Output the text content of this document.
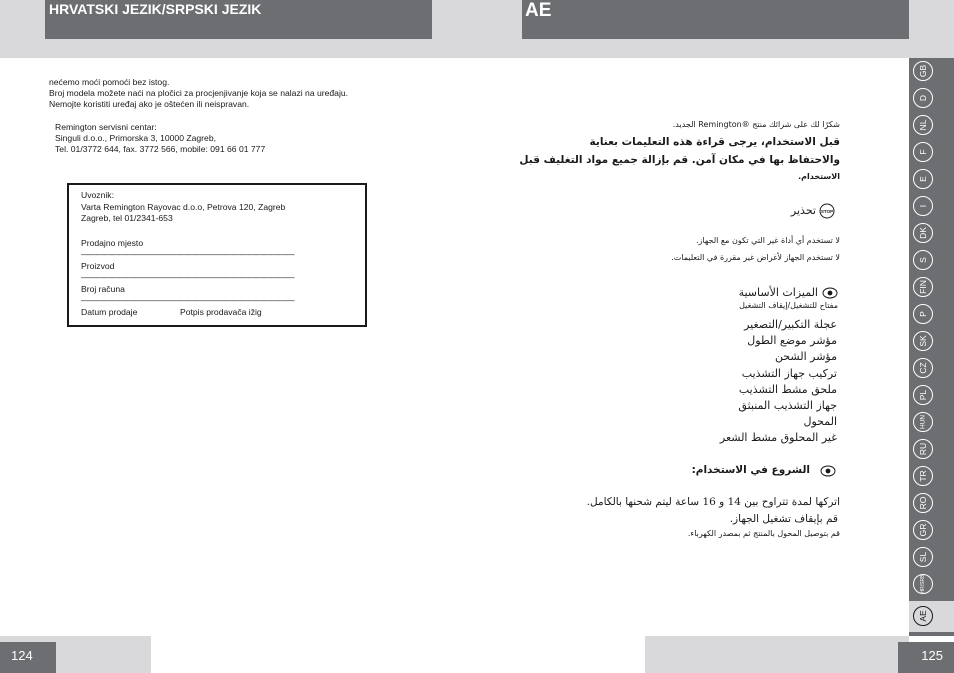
HRVATSKI JEZIK/SRPSKI JEZIK	AE
nećemo moći pomoći bez istog.
Broj modela možete naći na pločici za procjenjivanje koja se nalazi na uređaju.
Nemojte koristiti uređaj ako je oštećen ili neispravan.
Remington servisni centar:
Singuli d.o.o., Primorska 3, 10000 Zagreb,
Tel. 01/3772 644, fax. 3772 566, mobile: 091 66 01 777
Uvoznik:
Varta Remington Rayovac d.o.o, Petrova 120, Zagreb
Zagreb, tel 01/2341-653
Prodajno mjesto
————————————————————————————
Proizvod
————————————————————————————
Broj računa
————————————————————————————
Datum prodaje	Potpis prodavača ižig
شكرًا لك على شرائك منتج ®Remington الجديد.
قبل الاستخدام، يرجى قراءة هذه التعليمات بعناية
والاحتفاظ بها في مكان آمن. قم بإزالة جميع مواد التغليف قبل
الاستخدام.
تحذير STOP
لا تستخدم أي أداة غير التي تكون مع الجهاز.
لا تستخدم الجهاز لأغراض غير مقررة في التعليمات.
الميزات الأساسية
مفتاح للتشغيل/إيقاف التشغيل
عجلة التكبير/التصغير
مؤشر موضع الطول
مؤشر الشحن
تركيب جهاز التشذيب
ملحق مشط التشذيب
جهاز التشذيب المنبثق
المحول
غير المحلوق مشط الشعر
الشروع في الاستخدام:
اتركها لمدة تتراوح بين 14 و 16 ساعة ليتم شحنها بالكامل.
قم بإيقاف تشغيل الجهاز.
قم بتوصيل المحول بالمنتج ثم بمصدر الكهرباء.
124	125
GB
D
NL
F
E
I
DK
S
FIN
P
SK
CZ
PL
HUN
RU
TR
RO
GR
SL
HR/SRB
AE
